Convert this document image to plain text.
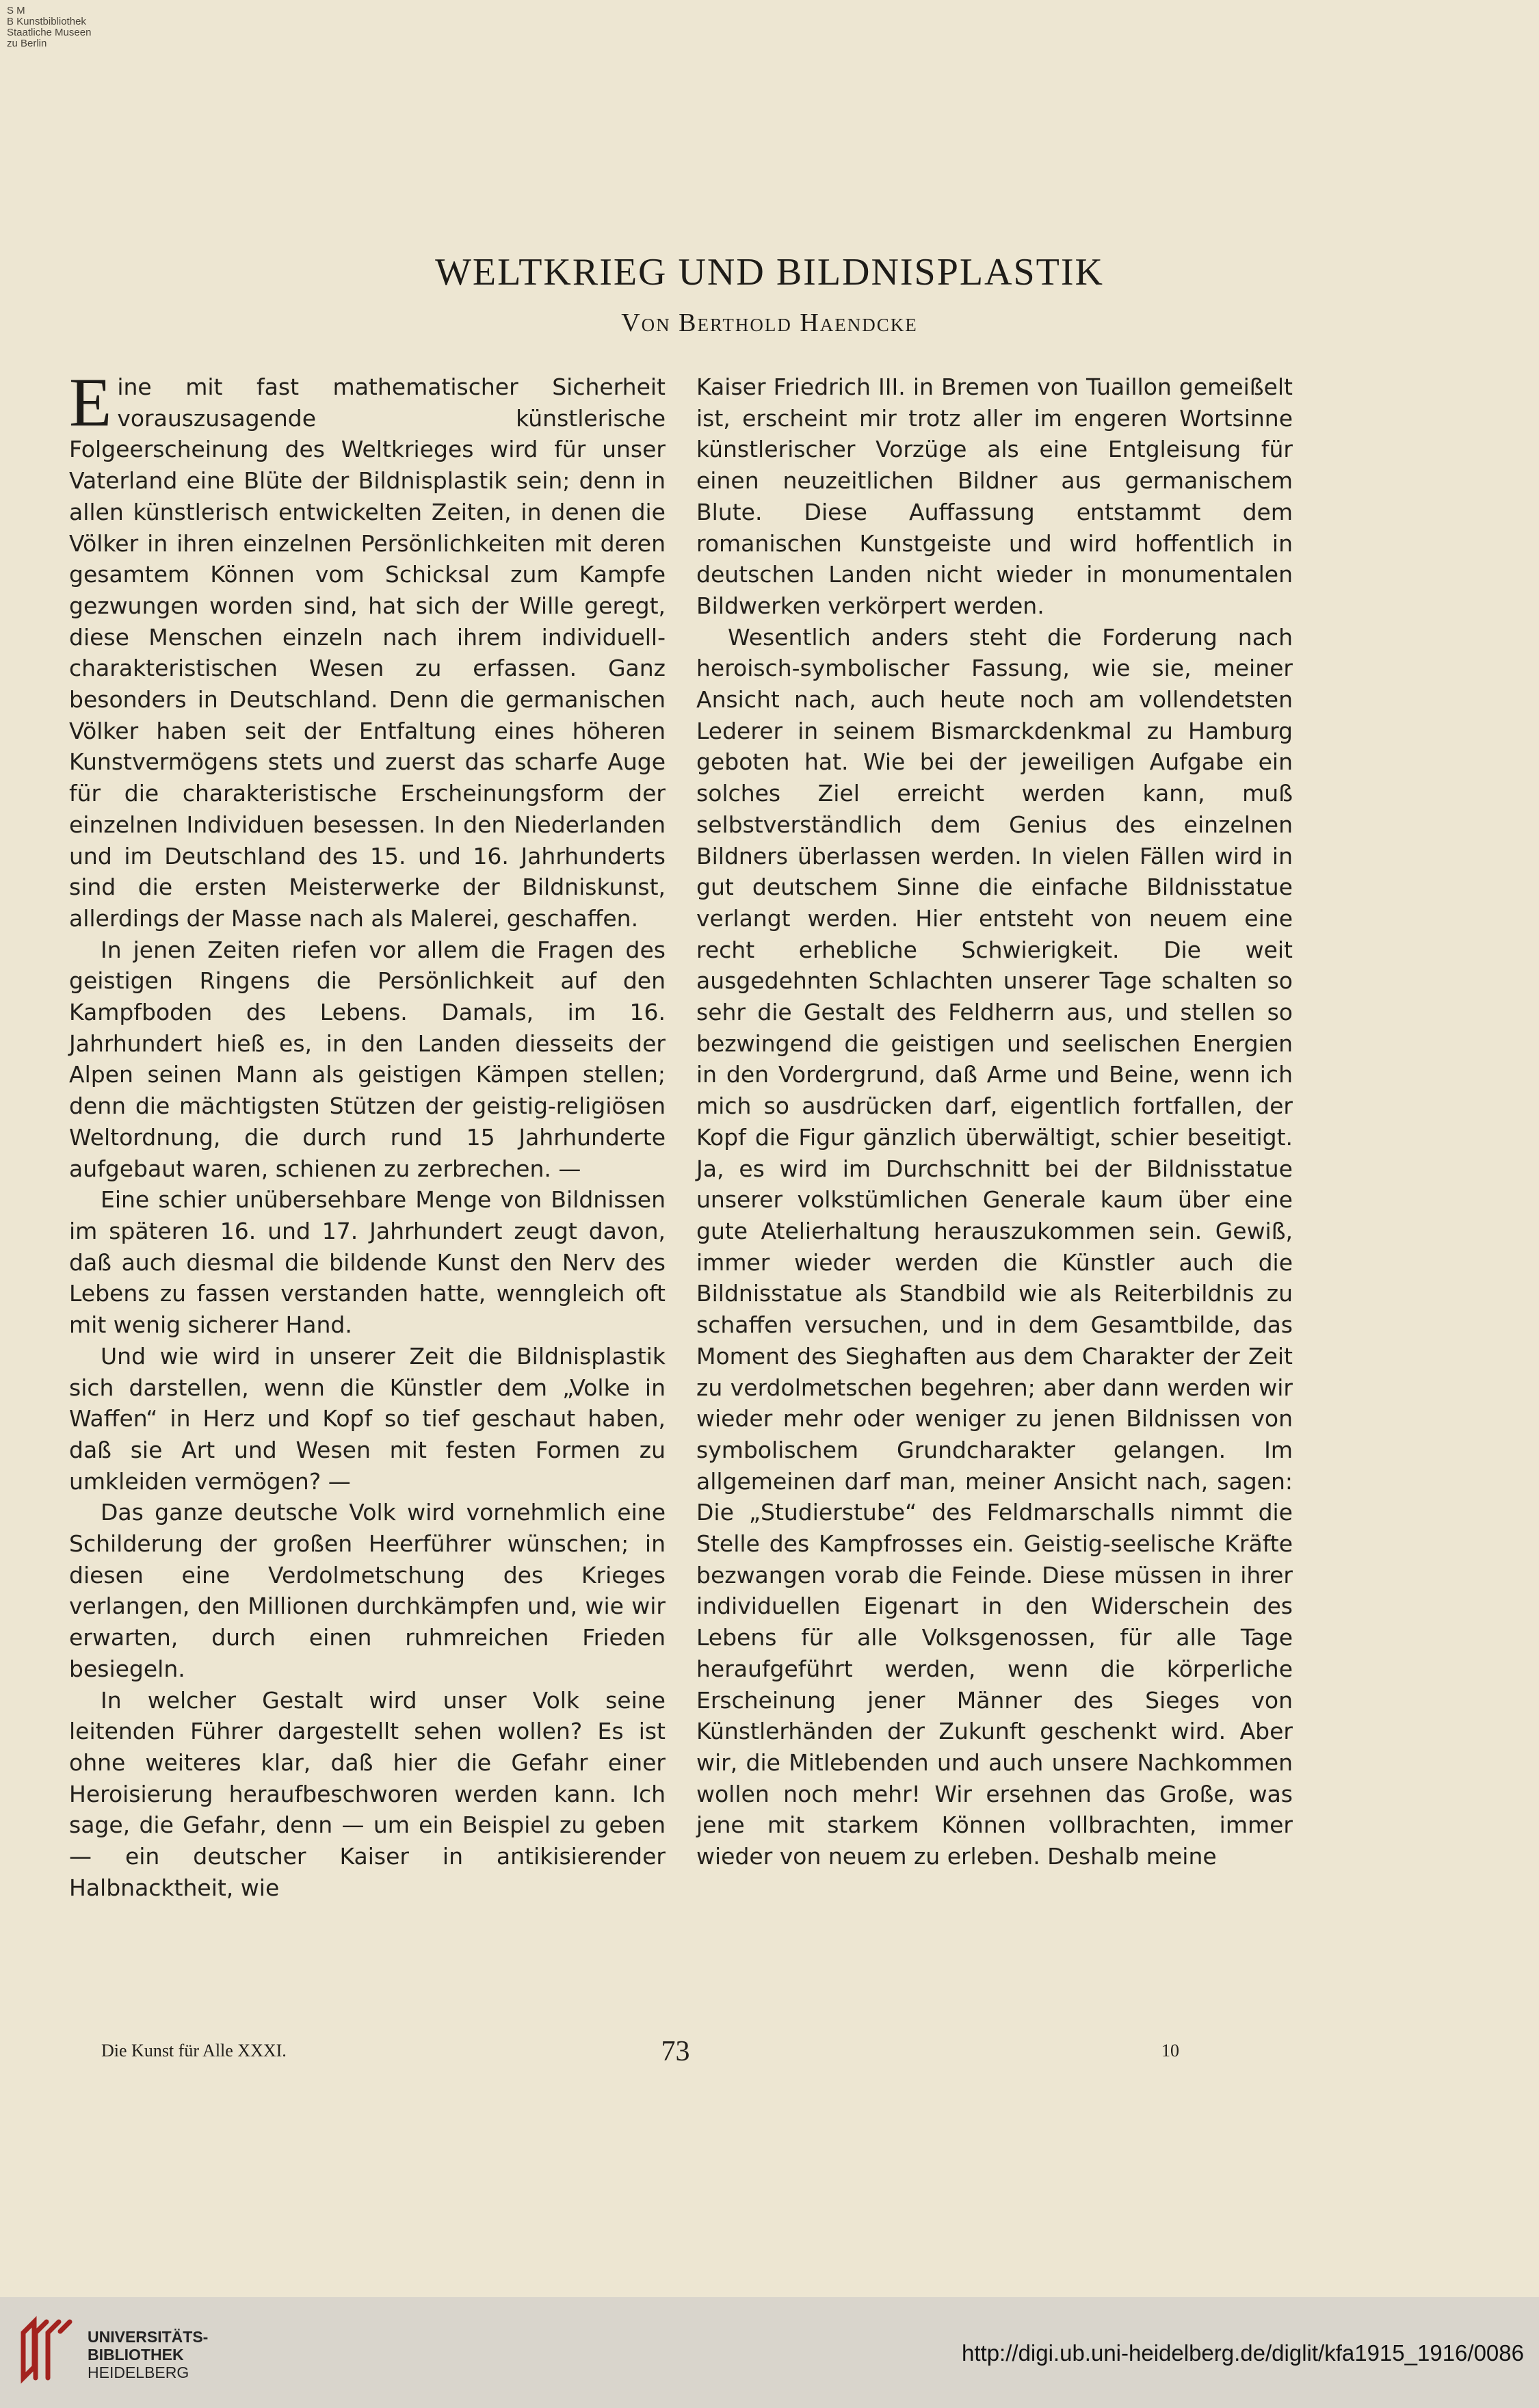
S M
B Kunstbibliothek
Staatliche Museen
zu Berlin
WELTKRIEG UND BILDNISPLASTIK
Von Berthold Haendcke

Eine mit fast mathematischer Sicherheit vorauszusagende künstlerische Folgeerscheinung des Weltkrieges wird für unser Vaterland eine Blüte der Bildnisplastik sein; denn in allen künstlerisch entwickelten Zeiten, in denen die Völker in ihren einzelnen Persönlichkeiten mit deren gesamtem Können vom Schicksal zum Kampfe gezwungen worden sind, hat sich der Wille geregt, diese Menschen einzeln nach ihrem individuell-charakteristischen Wesen zu erfassen. Ganz besonders in Deutschland. Denn die germanischen Völker haben seit der Entfaltung eines höheren Kunstvermögens stets und zuerst das scharfe Auge für die charakteristische Erscheinungsform der einzelnen Individuen besessen. In den Niederlanden und im Deutschland des 15. und 16. Jahrhunderts sind die ersten Meisterwerke der Bildniskunst, allerdings der Masse nach als Malerei, geschaffen.

In jenen Zeiten riefen vor allem die Fragen des geistigen Ringens die Persönlichkeit auf den Kampfboden des Lebens. Damals, im 16. Jahrhundert hieß es, in den Landen diesseits der Alpen seinen Mann als geistigen Kämpen stellen; denn die mächtigsten Stützen der geistig-religiösen Weltordnung, die durch rund 15 Jahrhunderte aufgebaut waren, schienen zu zerbrechen. —

Eine schier unübersehbare Menge von Bildnissen im späteren 16. und 17. Jahrhundert zeugt davon, daß auch diesmal die bildende Kunst den Nerv des Lebens zu fassen verstanden hatte, wenngleich oft mit wenig sicherer Hand.

Und wie wird in unserer Zeit die Bildnisplastik sich darstellen, wenn die Künstler dem „Volke in Waffen“ in Herz und Kopf so tief geschaut haben, daß sie Art und Wesen mit festen Formen zu umkleiden vermögen? —

Das ganze deutsche Volk wird vornehmlich eine Schilderung der großen Heerführer wünschen; in diesen eine Verdolmetschung des Krieges verlangen, den Millionen durchkämpfen und, wie wir erwarten, durch einen ruhmreichen Frieden besiegeln.

In welcher Gestalt wird unser Volk seine leitenden Führer dargestellt sehen wollen? Es ist ohne weiteres klar, daß hier die Gefahr einer Heroisierung heraufbeschworen werden kann. Ich sage, die Gefahr, denn — um ein Beispiel zu geben — ein deutscher Kaiser in antikisierender Halbnacktheit, wie

Kaiser Friedrich III. in Bremen von Tuaillon gemeißelt ist, erscheint mir trotz aller im engeren Wortsinne künstlerischer Vorzüge als eine Entgleisung für einen neuzeitlichen Bildner aus germanischem Blute. Diese Auffassung entstammt dem romanischen Kunstgeiste und wird hoffentlich in deutschen Landen nicht wieder in monumentalen Bildwerken verkörpert werden.

Wesentlich anders steht die Forderung nach heroisch-symbolischer Fassung, wie sie, meiner Ansicht nach, auch heute noch am vollendetsten Lederer in seinem Bismarckdenkmal zu Hamburg geboten hat. Wie bei der jeweiligen Aufgabe ein solches Ziel erreicht werden kann, muß selbstverständlich dem Genius des einzelnen Bildners überlassen werden. In vielen Fällen wird in gut deutschem Sinne die einfache Bildnisstatue verlangt werden. Hier entsteht von neuem eine recht erhebliche Schwierigkeit. Die weit ausgedehnten Schlachten unserer Tage schalten so sehr die Gestalt des Feldherrn aus, und stellen so bezwingend die geistigen und seelischen Energien in den Vordergrund, daß Arme und Beine, wenn ich mich so ausdrücken darf, eigentlich fortfallen, der Kopf die Figur gänzlich überwältigt, schier beseitigt. Ja, es wird im Durchschnitt bei der Bildnisstatue unserer volkstümlichen Generale kaum über eine gute Atelierhaltung herauszukommen sein. Gewiß, immer wieder werden die Künstler auch die Bildnisstatue als Standbild wie als Reiterbildnis zu schaffen versuchen, und in dem Gesamtbilde, das Moment des Sieghaften aus dem Charakter der Zeit zu verdolmetschen begehren; aber dann werden wir wieder mehr oder weniger zu jenen Bildnissen von symbolischem Grundcharakter gelangen. Im allgemeinen darf man, meiner Ansicht nach, sagen: Die „Studierstube“ des Feldmarschalls nimmt die Stelle des Kampfrosses ein. Geistig-seelische Kräfte bezwangen vorab die Feinde. Diese müssen in ihrer individuellen Eigenart in den Widerschein des Lebens für alle Volksgenossen, für alle Tage heraufgeführt werden, wenn die körperliche Erscheinung jener Männer des Sieges von Künstlerhänden der Zukunft geschenkt wird. Aber wir, die Mitlebenden und auch unsere Nachkommen wollen noch mehr! Wir ersehnen das Große, was jene mit starkem Können vollbrachten, immer wieder von neuem zu erleben. Deshalb meine

Die Kunst für Alle XXXI.	73	10
UNIVERSITÄTS-
BIBLIOTHEK
HEIDELBERG
http://digi.ub.uni-heidelberg.de/diglit/kfa1915_1916/0086
